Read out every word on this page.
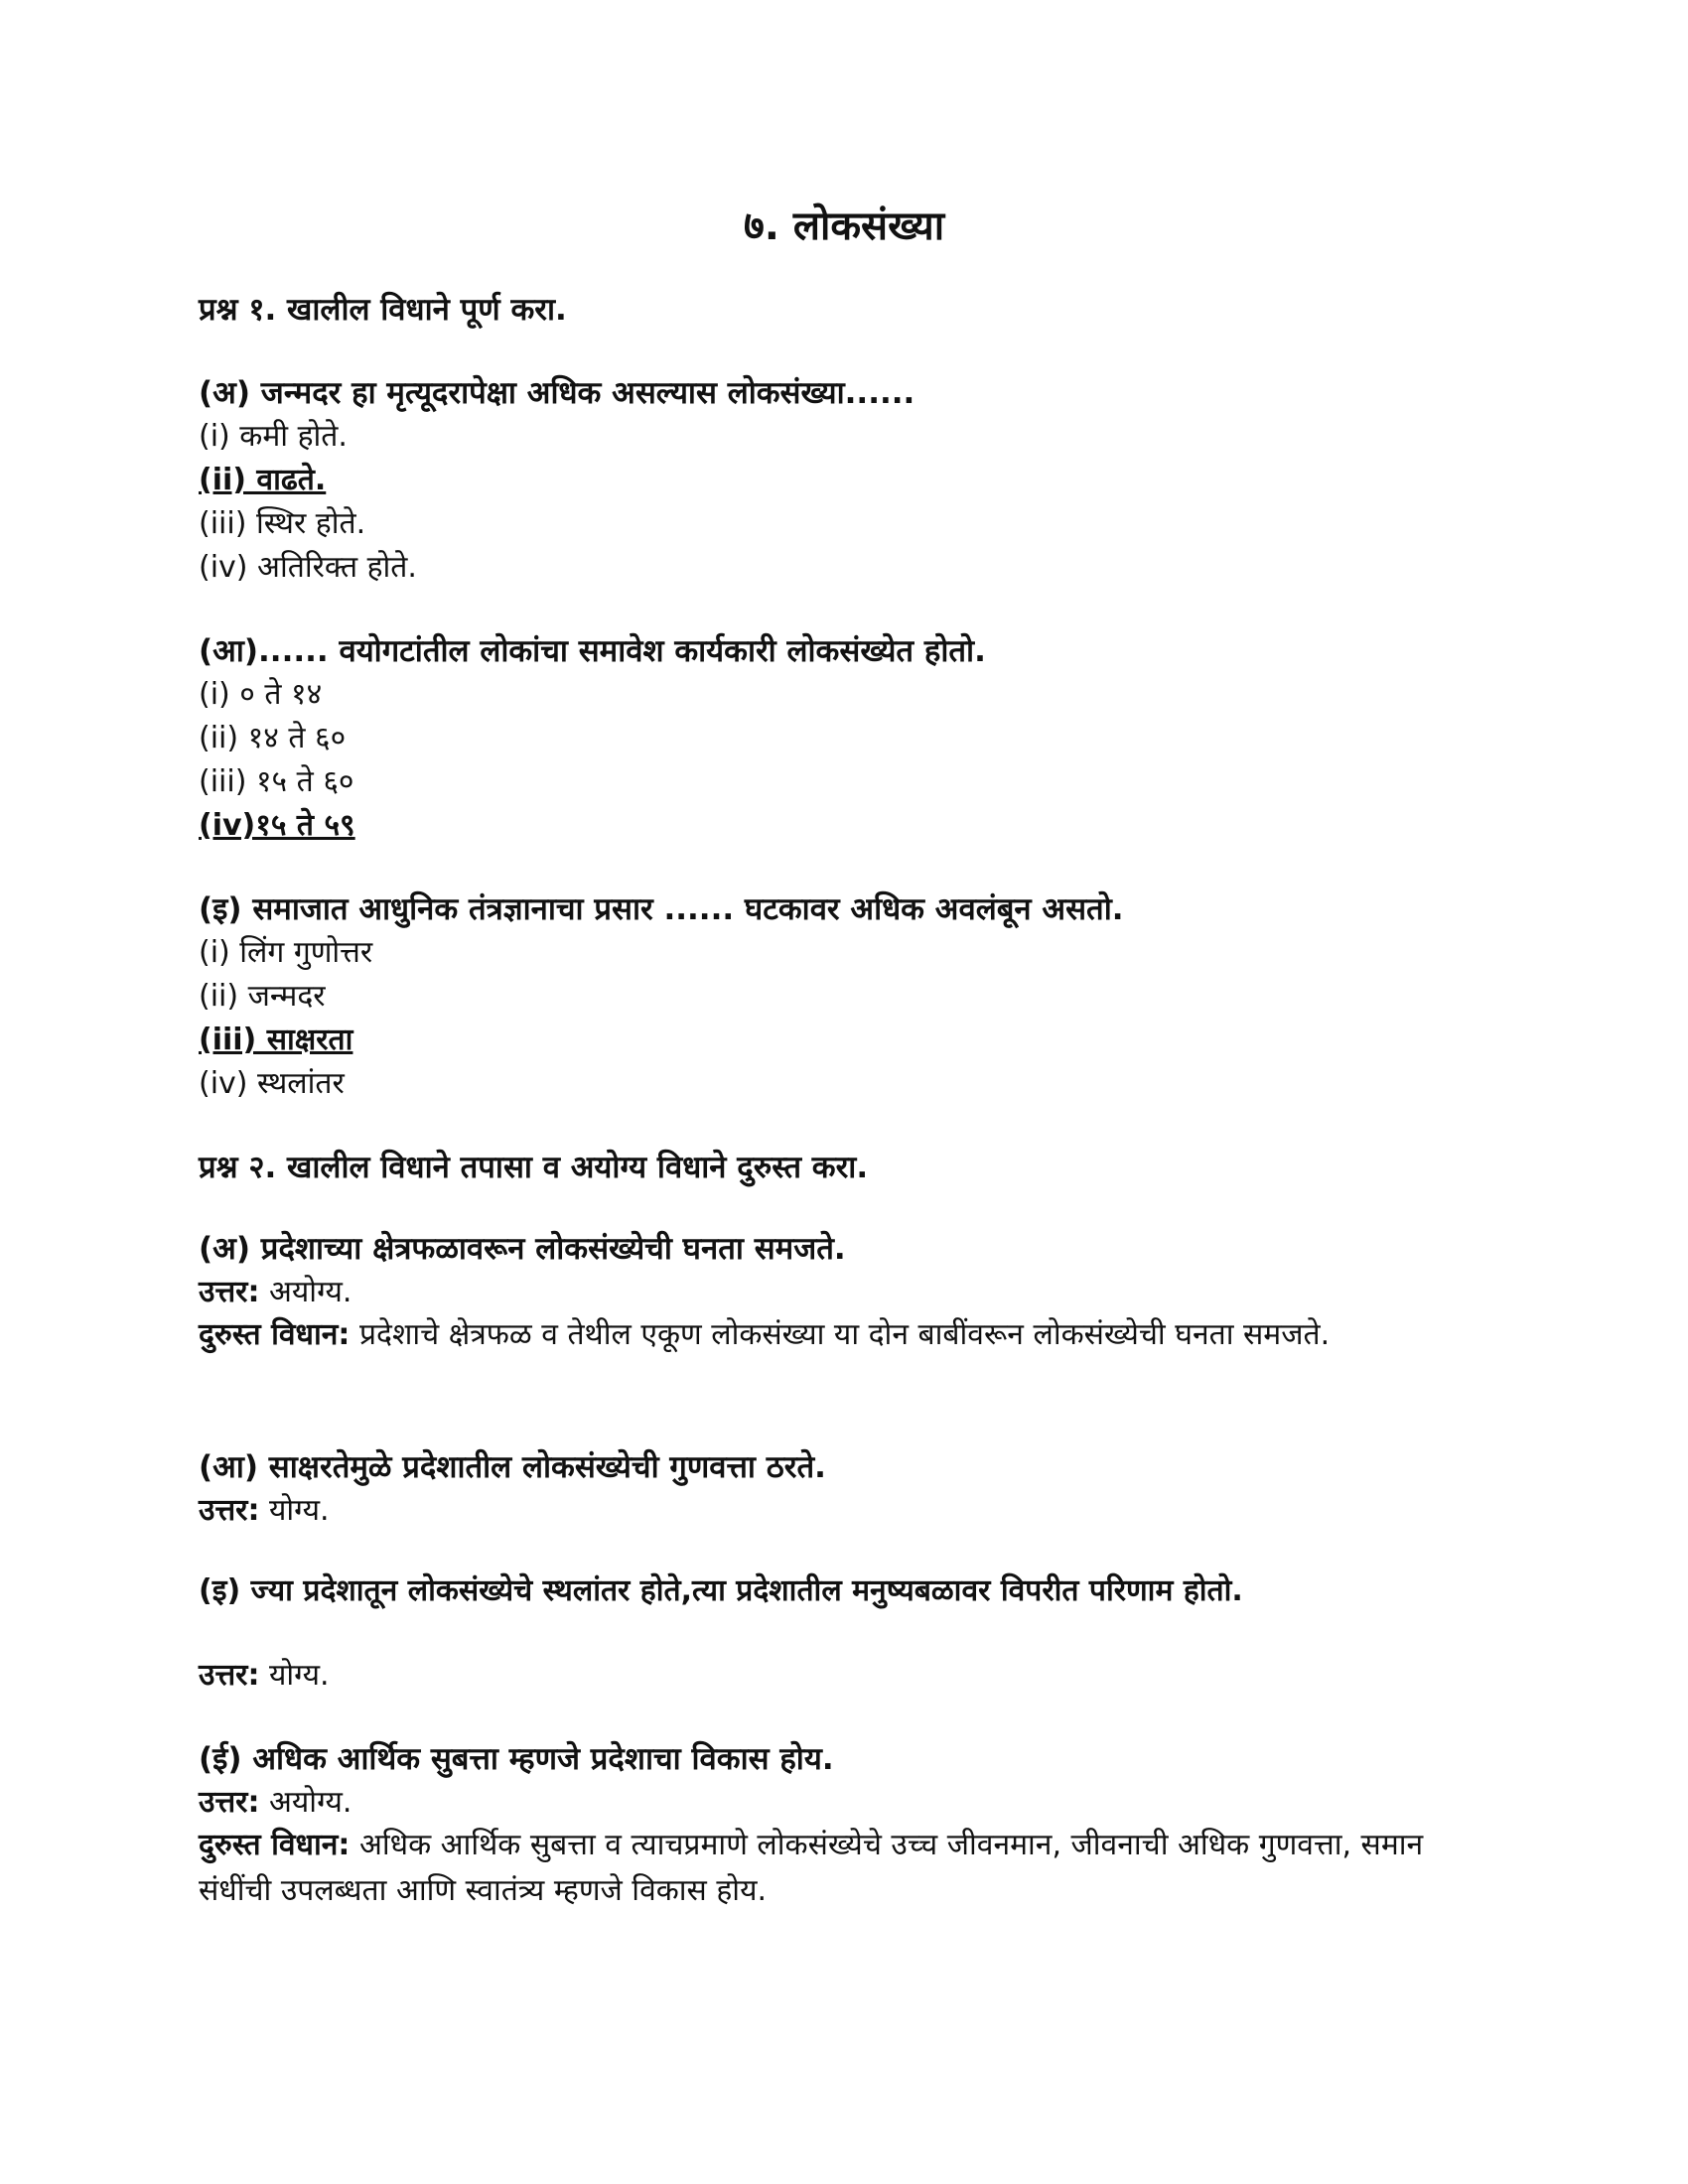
७. लोकसंख्या
प्रश्न १. खालील विधाने पूर्ण करा.
(अ) जन्मदर हा मृत्यूदरापेक्षा अधिक असल्यास लोकसंख्या......
(i) कमी होते.
(ii) वाढते.
(iii) स्थिर होते.
(iv) अतिरिक्त होते.
(आ)...... वयोगटांतील लोकांचा समावेश कार्यकारी लोकसंख्येत होतो.
(i) ० ते १४
(ii) १४ ते ६०
(iii) १५ ते ६०
(iv)१५ ते ५९
(इ) समाजात आधुनिक तंत्रज्ञानाचा प्रसार ...... घटकावर अधिक अवलंबून असतो.
(i) लिंग गुणोत्तर
(ii) जन्मदर
(iii) साक्षरता
(iv) स्थलांतर
प्रश्न २. खालील विधाने तपासा व अयोग्य विधाने दुरुस्त करा.
(अ) प्रदेशाच्या क्षेत्रफळावरून लोकसंख्येची घनता समजते.
उत्तर: अयोग्य.
दुरुस्त विधान: प्रदेशाचे क्षेत्रफळ व तेथील एकूण लोकसंख्या या दोन बाबींवरून लोकसंख्येची घनता समजते.
(आ) साक्षरतेमुळे प्रदेशातील लोकसंख्येची गुणवत्ता ठरते.
उत्तर: योग्य.
(इ) ज्या प्रदेशातून लोकसंख्येचे स्थलांतर होते,त्या प्रदेशातील मनुष्यबळावर विपरीत परिणाम होतो.
उत्तर: योग्य.
(ई) अधिक आर्थिक सुबत्ता म्हणजे प्रदेशाचा विकास होय.
उत्तर: अयोग्य.
दुरुस्त विधान: अधिक आर्थिक सुबत्ता व त्याचप्रमाणे लोकसंख्येचे उच्च जीवनमान, जीवनाची अधिक गुणवत्ता, समान संधींची उपलब्धता आणि स्वातंत्र्य म्हणजे विकास होय.
